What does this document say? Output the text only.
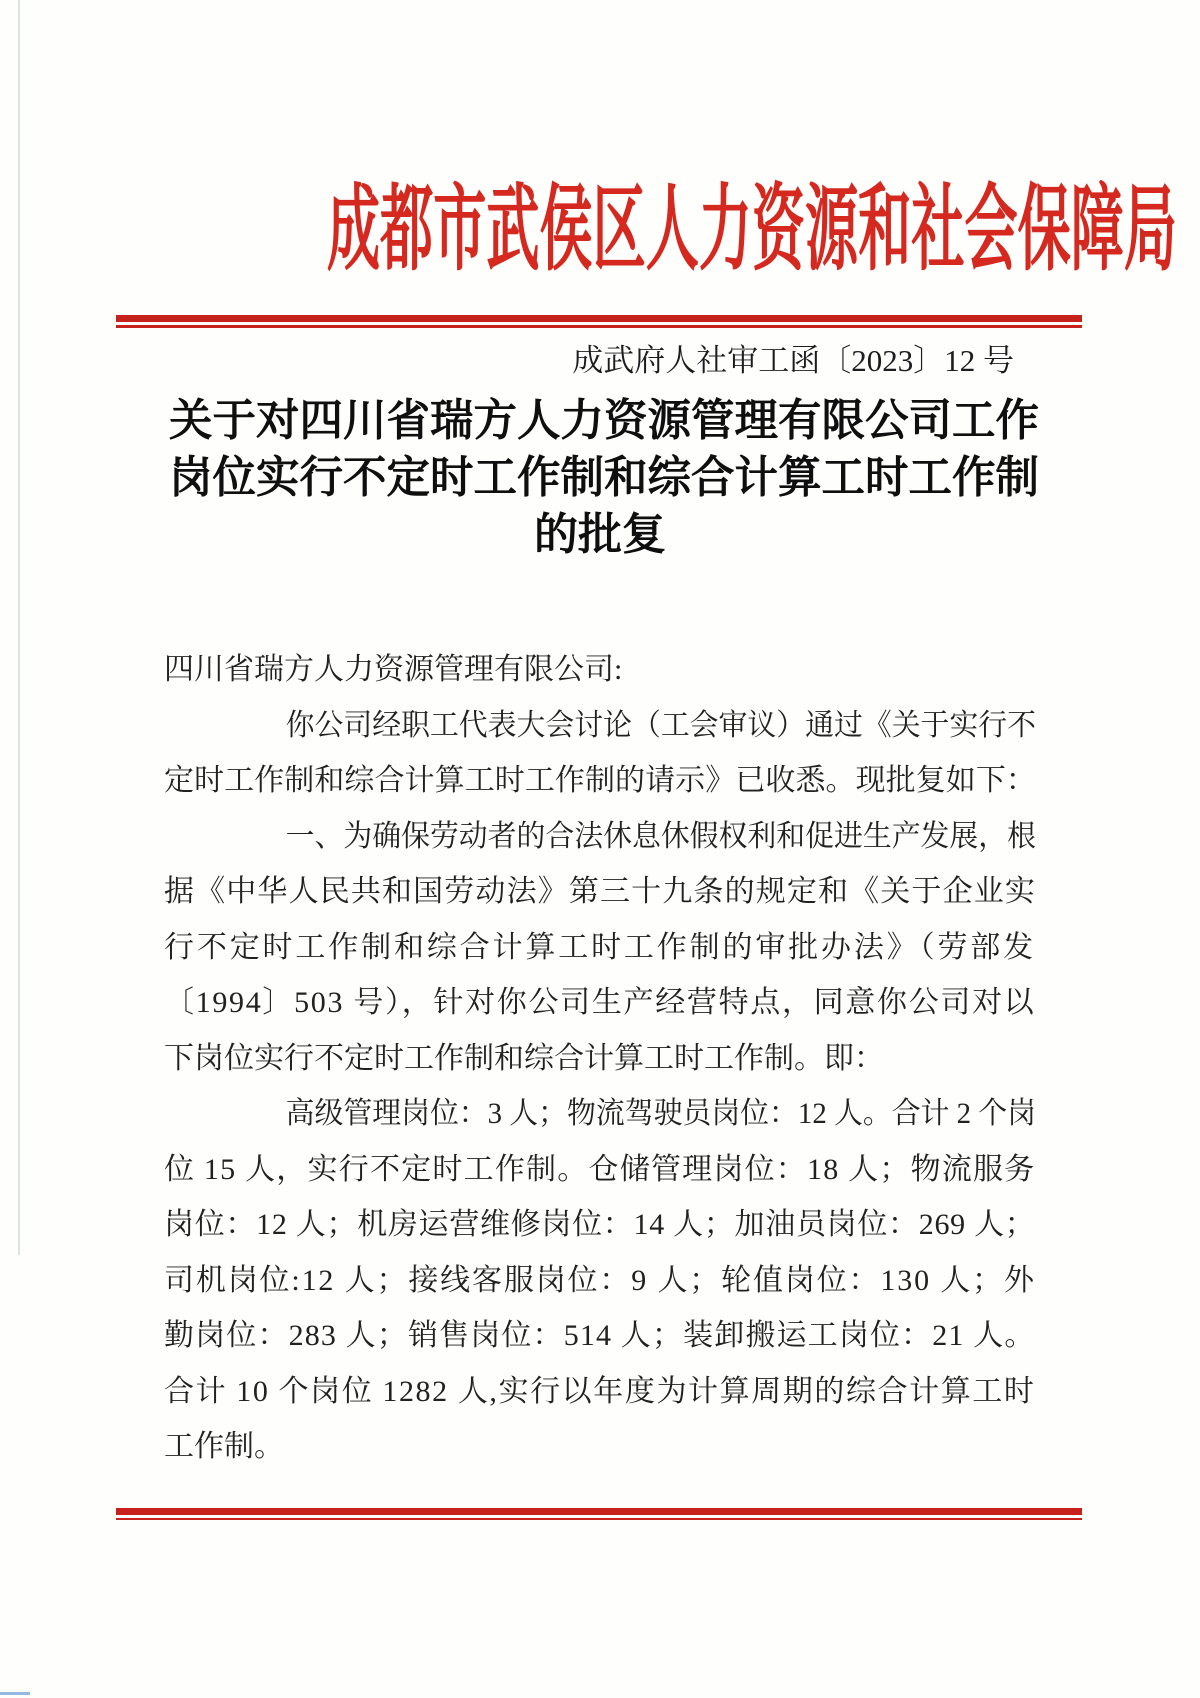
成都市武侯区人力资源和社会保障局
成武府人社审工函〔2023〕12 号

关于对四川省瑞方人力资源管理有限公司工作

岗位实行不定时工作制和综合计算工时工作制

的批复

四川省瑞方人力资源管理有限公司:

你公司经职工代表大会讨论（工会审议）通过《关于实行不

定时工作制和综合计算工时工作制的请示》已收悉。现批复如下：

一、为确保劳动者的合法休息休假权利和促进生产发展，根

据《中华人民共和国劳动法》第三十九条的规定和《关于企业实

行不定时工作制和综合计算工时工作制的审批办法》（劳部发

〔1994〕503 号），针对你公司生产经营特点，同意你公司对以

下岗位实行不定时工作制和综合计算工时工作制。即：

高级管理岗位：3 人；物流驾驶员岗位：12 人。合计 2 个岗

位 15 人，实行不定时工作制。仓储管理岗位：18 人；物流服务

岗位：12 人；机房运营维修岗位：14 人；加油员岗位：269 人；

司机岗位:12 人；接线客服岗位：9 人；轮值岗位：130 人；外

勤岗位：283 人；销售岗位：514 人；装卸搬运工岗位：21 人。

合计 10 个岗位 1282 人,实行以年度为计算周期的综合计算工时

工作制。
